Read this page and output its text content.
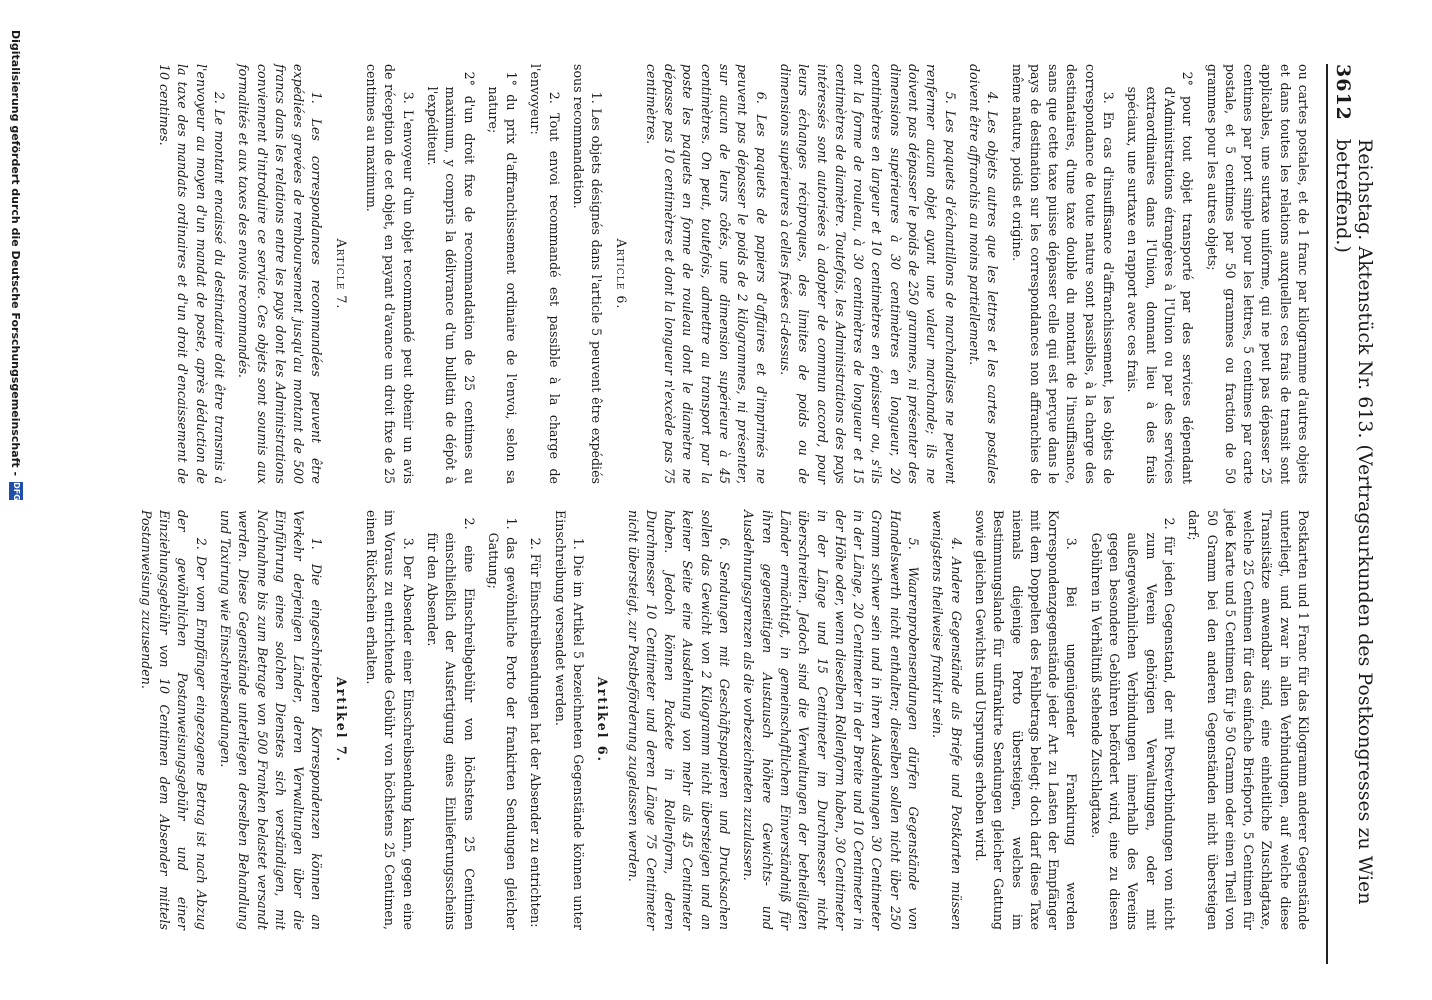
3612
Reichstag. Aktenstück Nr. 613. (Vertragsurkunden des Postkongresses zu Wien betreffend.)

ou cartes postales, et de 1 franc par kilogramme d'autres objets et dans toutes les relations auxquelles ces frais de transit sont applicables, une surtaxe uniforme, qui ne peut pas dépasser 25 centimes par port simple pour les lettres, 5 centimes par carte postale, et 5 centimes par 50 grammes ou fraction de 50 grammes pour les autres objets;

2° pour tout objet transporté par des services dépendant d'Administrations étrangères à l'Union ou par des services extraordinaires dans l'Union, donnant lieu à des frais spéciaux, une surtaxe en rapport avec ces frais.

3. En cas d'insuffisance d'affranchissement, les objets de correspondance de toute nature sont passibles, à la charge des destinataires, d'une taxe double du montant de l'insuffisance, sans que cette taxe puisse dépasser celle qui est perçue dans le pays de destination sur les correspondances non affranchies de même nature, poids et origine.

4. Les objets autres que les lettres et les cartes postales doivent être affranchis au moins partiellement.

5. Les paquets d'échantillons de marchandises ne peuvent renfermer aucun objet ayant une valeur marchande; ils ne doivent pas dépasser le poids de 250 grammes, ni présenter des dimensions supérieures à 30 centimètres en longueur, 20 centimètres en largeur et 10 centimètres en épaisseur ou, s'ils ont la forme de rouleau, à 30 centimètres de longueur et 15 centimètres de diamètre. Toutefois, les Administrations des pays intéressés sont autorisées à adopter de commun accord, pour leurs échanges réciproques, des limites de poids ou de dimensions supérieures à celles fixées ci-dessus.

6. Les paquets de papiers d'affaires et d'imprimés ne peuvent pas dépasser le poids de 2 kilogrammes, ni présenter, sur aucun de leurs côtés, une dimension supérieure à 45 centimètres. On peut, toutefois, admettre au transport par la poste les paquets en forme de rouleau dont le diamètre ne dépasse pas 10 centimètres et dont la longueur n'excède pas 75 centimètres.

Article 6.

1. Les objets désignés dans l'article 5 peuvent être expédiés sous recommandation.

2. Tout envoi recommandé est passible à la charge de l'envoyeur:

1° du prix d'affranchissement ordinaire de l'envoi, selon sa nature;

2° d'un droit fixe de recommandation de 25 centimes au maximum, y compris la délivrance d'un bulletin de dépôt à l'expéditeur.

3. L'envoyeur d'un objet recommandé peut obtenir un avis de réception de cet objet, en payant d'avance un droit fixe de 25 centimes au maximum.

Article 7.

1. Les correspondances recommandées peuvent être expédiées grevées de remboursement jusqu'au montant de 500 francs dans les relations entre les pays dont les Administrations conviennent d'introduire ce service. Ces objets sont soumis aux formalités et aux taxes des envois recommandés.

2. Le montant encaissé du destinataire doit être transmis à l'envoyeur au moyen d'un mandat de poste, après déduction de la taxe des mandats ordinaires et d'un droit d'encaissement de 10 centimes.

Postkarten und 1 Franc für das Kilogramm anderer Gegenstände unterliegt, und zwar in allen Verbindungen, auf welche diese Transitsätze anwendbar sind, eine einheitliche Zuschlagtaxe, welche 25 Centimen für das einfache Briefporto, 5 Centimen für jede Karte und 5 Centimen für je 50 Gramm oder einen Theil von 50 Gramm bei den anderen Gegenständen nicht übersteigen darf;

2. für jeden Gegenstand, der mit Postverbindungen von nicht zum Verein gehörigen Verwaltungen, oder mit außergewöhnlichen Verbindungen innerhalb des Vereins gegen besondere Gebühren befördert wird, eine zu diesen Gebühren in Verhältniß stehende Zuschlagtaxe.

3. Bei ungenügender Frankirung werden Korrespondenzgegenstände jeder Art zu Lasten der Empfänger mit dem Doppelten des Fehlbetrags belegt; doch darf diese Taxe niemals diejenige Porto übersteigen, welches im Bestimmungslande für unfrankirte Sendungen gleicher Gattung sowie gleichen Gewichts und Ursprungs erhoben wird.

4. Andere Gegenstände als Briefe und Postkarten müssen wenigstens theilweise frankirt sein.

5. Waarenprobensendungen dürfen Gegenstände von Handelswerth nicht enthalten; dieselben sollen nicht über 250 Gramm schwer sein und in ihren Ausdehnungen 30 Centimeter in der Länge, 20 Centimeter in der Breite und 10 Centimeter in der Höhe oder, wenn dieselben Rollenform haben, 30 Centimeter in der Länge und 15 Centimeter im Durchmesser nicht überschreiten. Jedoch sind die Verwaltungen der betheiligten Länder ermächtigt, in gemeinschaftlichem Einverständniß für ihren gegenseitigen Austausch höhere Gewichts- und Ausdehnungsgrenzen als die vorbezeichneten zuzulassen.

6. Sendungen mit Geschäftspapieren und Drucksachen sollen das Gewicht von 2 Kilogramm nicht übersteigen und an keiner Seite eine Ausdehnung von mehr als 45 Centimeter haben. Jedoch können Packete in Rollenform, deren Durchmesser 10 Centimeter und deren Länge 75 Centimeter nicht übersteigt, zur Postbeförderung zugelassen werden.

Artikel 6.

1. Die im Artikel 5 bezeichneten Gegenstände können unter Einschreibung versendet werden.

2. Für Einschreibsendungen hat der Absender zu entrichten:

1. das gewöhnliche Porto der frankirten Sendungen gleicher Gattung;

2. eine Einschreibgebühr von höchstens 25 Centimen einschließlich der Ausfertigung eines Einlieferungsscheins für den Absender.

3. Der Absender einer Einschreibsendung kann, gegen eine im Voraus zu entrichtende Gebühr von höchstens 25 Centimen, einen Rückschein erhalten.

Artikel 7.

1. Die eingeschriebenen Korrespondenzen können an Verkehr derjenigen Länder, deren Verwaltungen über die Einführung eines solchen Dienstes sich verständigen, mit Nachnahme bis zum Betrage von 500 Franken belastet versandt werden. Diese Gegenstände unterliegen derselben Behandlung und Taxirung wie Einschreibsendungen.

2. Der vom Empfänger eingezogene Betrag ist nach Abzug der gewöhnlichen Postanweisungsgebühr und einer Einziehungsgebühr von 10 Centimen dem Absender mittels Postanweisung zuzusenden.

Digitalisierung gefördert durch die Deutsche Forschungsgemeinschaft -
DFG
